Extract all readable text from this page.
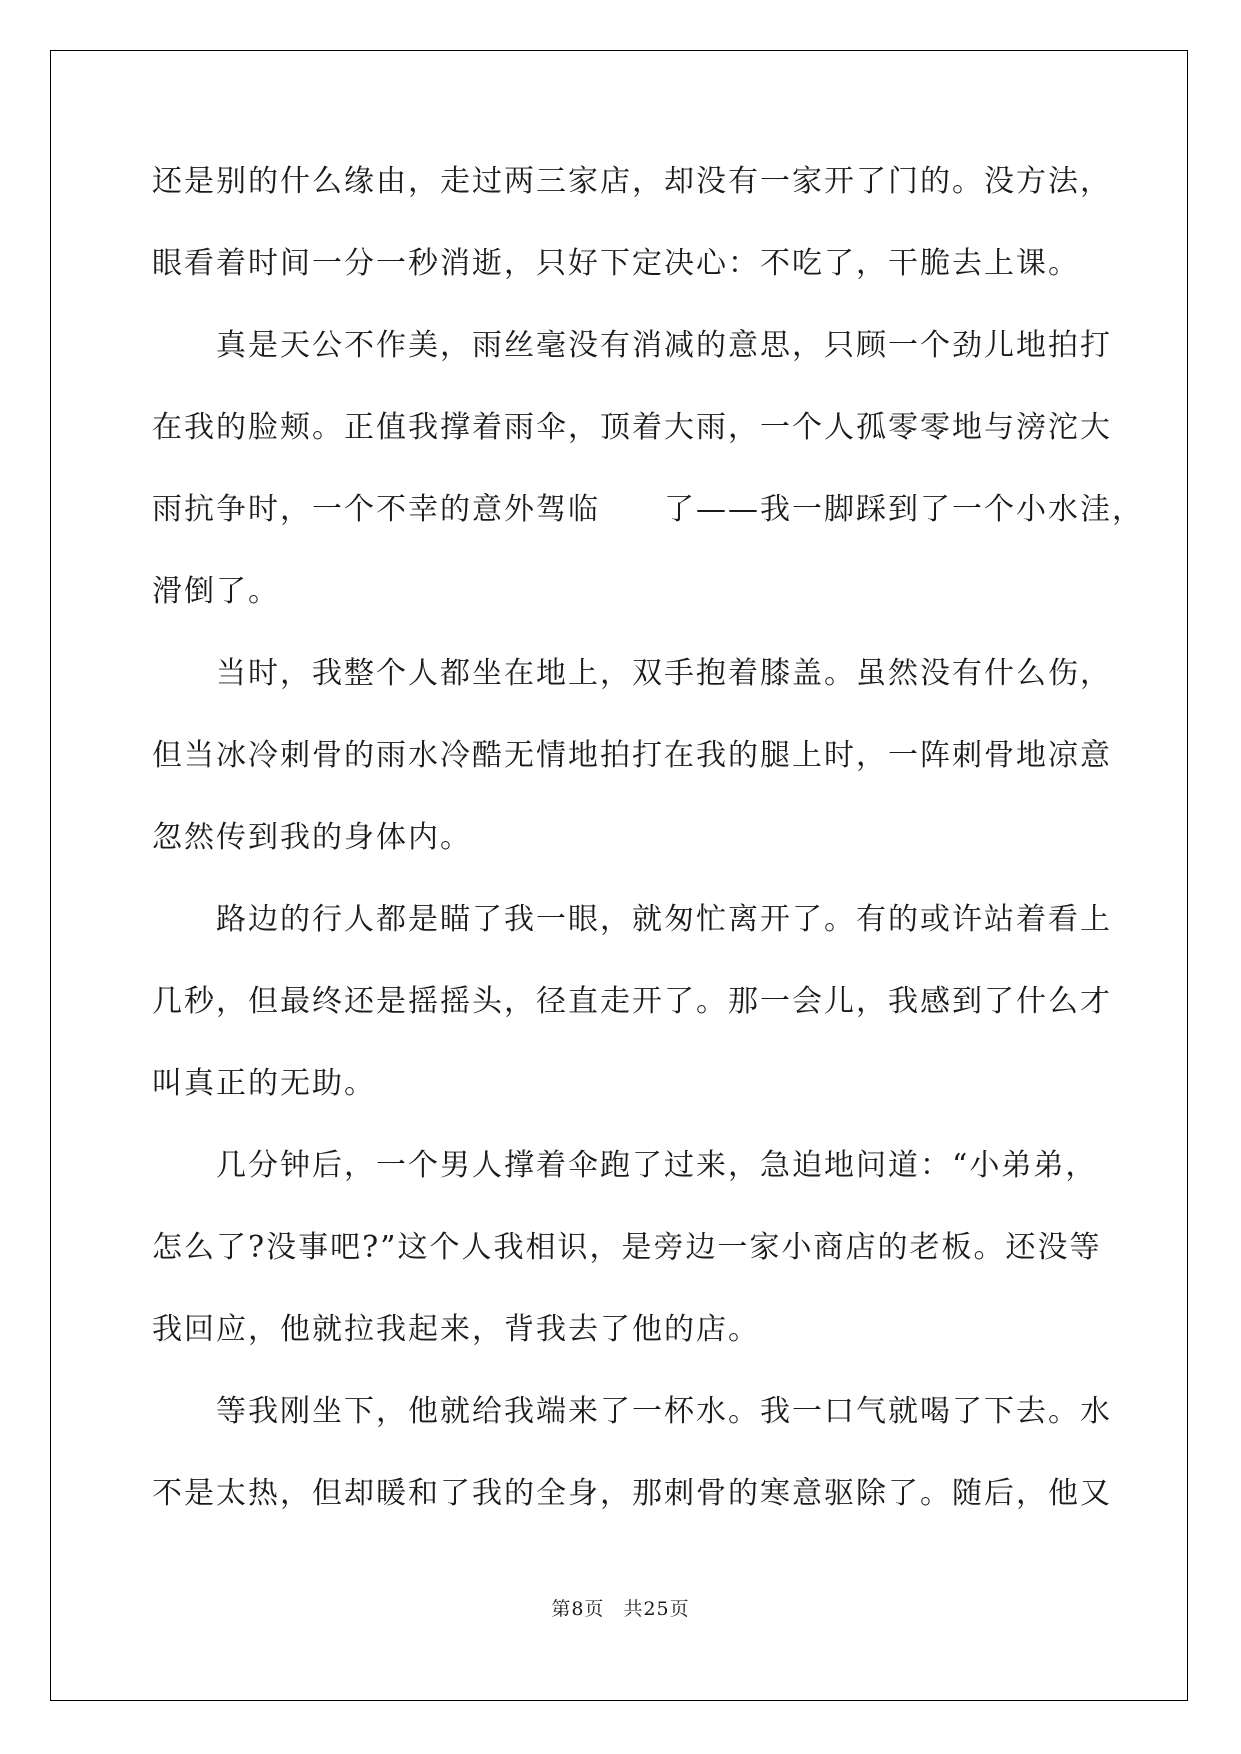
还是别的什么缘由，走过两三家店，却没有一家开了门的。没方法，
眼看着时间一分一秒消逝，只好下定决心：不吃了，干脆去上课。
真是天公不作美，雨丝毫没有消减的意思，只顾一个劲儿地拍打
在我的脸颊。正值我撑着雨伞，顶着大雨，一个人孤零零地与滂沱大
雨抗争时，一个不幸的意外驾临　　了——我一脚踩到了一个小水洼，
滑倒了。
当时，我整个人都坐在地上，双手抱着膝盖。虽然没有什么伤，
但当冰冷刺骨的雨水冷酷无情地拍打在我的腿上时，一阵刺骨地凉意
忽然传到我的身体内。
路边的行人都是瞄了我一眼，就匆忙离开了。有的或许站着看上
几秒，但最终还是摇摇头，径直走开了。那一会儿，我感到了什么才
叫真正的无助。
几分钟后，一个男人撑着伞跑了过来，急迫地问道：“小弟弟，
怎么了?没事吧?”这个人我相识，是旁边一家小商店的老板。还没等
我回应，他就拉我起来，背我去了他的店。
等我刚坐下，他就给我端来了一杯水。我一口气就喝了下去。水
不是太热，但却暖和了我的全身，那刺骨的寒意驱除了。随后，他又
第8页 共25页
